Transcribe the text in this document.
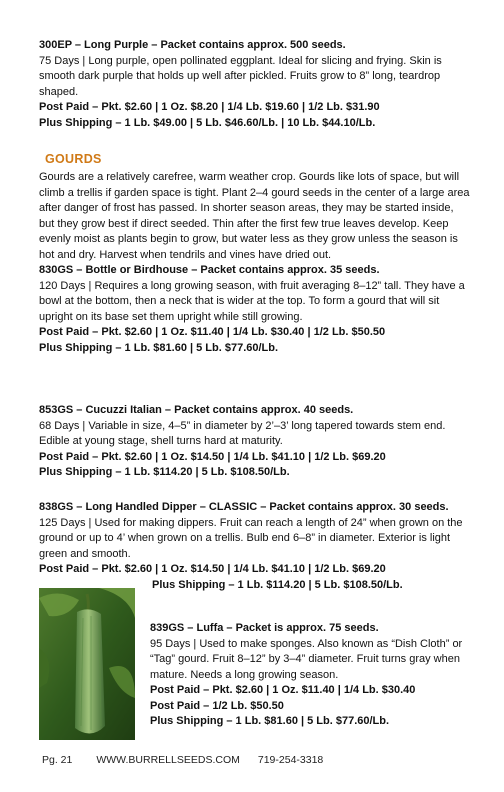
300EP – Long Purple – Packet contains approx. 500 seeds.

75 Days | Long purple, open pollinated eggplant. Ideal for slicing and frying. Skin is smooth dark purple that holds up well after pickled. Fruits grow to 8” long, teardrop shaped.

Post Paid – Pkt. $2.60 | 1 Oz. $8.20 | 1/4 Lb. $19.60 | 1/2 Lb. $31.90

Plus Shipping – 1 Lb. $49.00 | 5 Lb. $46.60/Lb. | 10 Lb. $44.10/Lb.

GOURDS

Gourds are a relatively carefree, warm weather crop. Gourds like lots of space, but will climb a trellis if garden space is tight. Plant 2–4 gourd seeds in the center of a large area after danger of frost has passed. In shorter season areas, they may be started inside, but they grow best if direct seeded. Thin after the first few true leaves develop. Keep evenly moist as plants begin to grow, but water less as they grow unless the season is hot and dry. Harvest when tendrils and vines have dried out.

830GS – Bottle or Birdhouse – Packet contains approx. 35 seeds.

120 Days | Requires a long growing season, with fruit averaging 8–12” tall. They have a bowl at the bottom, then a neck that is wider at the top. To form a gourd that will sit upright on its base set them upright while still growing.

Post Paid – Pkt. $2.60 | 1 Oz. $11.40 | 1/4 Lb. $30.40 | 1/2 Lb. $50.50

Plus Shipping – 1 Lb. $81.60 | 5 Lb. $77.60/Lb.

853GS – Cucuzzi Italian – Packet contains approx. 40 seeds.

68 Days | Variable in size, 4–5” in diameter by 2’–3’ long tapered towards stem end. Edible at young stage, shell turns hard at maturity.

Post Paid – Pkt. $2.60 | 1 Oz. $14.50 | 1/4 Lb. $41.10 | 1/2 Lb. $69.20

Plus Shipping – 1 Lb. $114.20 | 5 Lb. $108.50/Lb.

838GS – Long Handled Dipper – CLASSIC – Packet contains approx. 30 seeds.

125 Days | Used for making dippers. Fruit can reach a length of 24” when grown on the ground or up to 4’ when grown on a trellis. Bulb end 6–8” in diameter. Exterior is light green and smooth.

Post Paid – Pkt. $2.60 | 1 Oz. $14.50 | 1/4 Lb. $41.10 | 1/2 Lb. $69.20

Plus Shipping – 1 Lb. $114.20 | 5 Lb. $108.50/Lb.

839GS – Luffa – Packet is approx. 75 seeds.

95 Days | Used to make sponges. Also known as “Dish Cloth” or “Tag” gourd. Fruit 8–12” by 3–4” diameter. Fruit turns gray when mature. Needs a long growing season.

Post Paid – Pkt. $2.60 | 1 Oz. $11.40 | 1/4 Lb. $30.40

Post Paid – 1/2 Lb. $50.50

Plus Shipping – 1 Lb. $81.60 | 5 Lb. $77.60/Lb.

Pg. 21 WWW.BURRELLSEEDS.COM 719-254-3318
